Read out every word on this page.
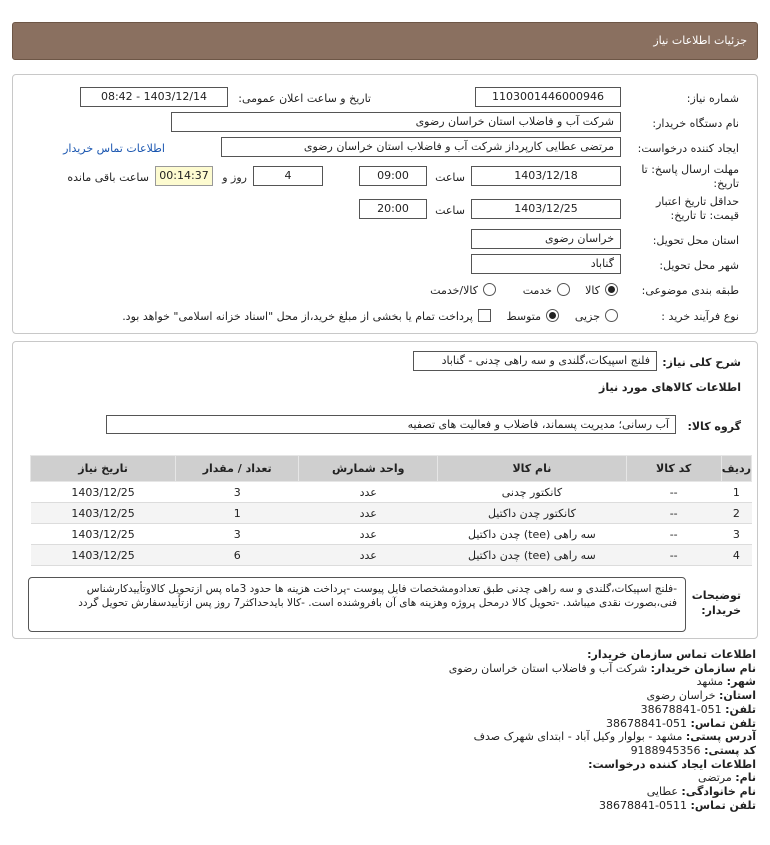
جزئیات اطلاعات نیاز
شماره نیاز:
1103001446000946
تاریخ و ساعت اعلان عمومی:
1403/12/14 - 08:42
نام دستگاه خریدار:
شرکت آب و فاضلاب استان خراسان رضوی
ایجاد کننده درخواست:
مرتضی عطایی کارپرداز شرکت آب و فاضلاب استان خراسان رضوی
اطلاعات تماس خریدار
مهلت ارسال پاسخ: تا
تاریخ:
1403/12/18
ساعت
09:00
4
روز و
00:14:37
ساعت باقی مانده
حداقل تاریخ اعتبار
قیمت: تا تاریخ:
1403/12/25
ساعت
20:00
استان محل تحویل:
خراسان رضوی
شهر محل تحویل:
گناباد
طبقه بندی موضوعی:
کالا
خدمت
کالا/خدمت
نوع فرآیند خرید :
جزیی
متوسط
پرداخت تمام یا بخشی از مبلغ خرید،از محل "اسناد خزانه اسلامی" خواهد بود.
شرح کلی نیاز:
فلنج اسپیکات،گلندی و سه راهی چدنی - گناباد
اطلاعات کالاهای مورد نیاز
گروه کالا:
آب رسانی؛ مدیریت پسماند، فاضلاب و فعالیت های تصفیه
ردیف	کد کالا	نام کالا	واحد شمارش	تعداد / مقدار	تاریخ نیاز
1	--	کانکتور چدنی	عدد	3	1403/12/25
2	--	کانکتور چدن داکتیل	عدد	1	1403/12/25
3	--	سه راهی (tee) چدن داکتیل	عدد	3	1403/12/25
4	--	سه راهی (tee) چدن داکتیل	عدد	6	1403/12/25
توضیحات
خریدار:
-فلنج اسپیکات،گلندی و سه راهی چدنی طبق تعدادومشخصات فایل پیوست -پرداخت هزینه ها حدود 3ماه پس ازتحویل کالاوتأییدکارشناس فنی،بصورت نقدی میباشد. -تحویل کالا درمحل پروژه وهزینه های آن بافروشنده است. -کالا بایدحداکثر7 روز پس ازتأییدسفارش تحویل گردد
اطلاعات تماس سازمان خریدار:
نام سازمان خریدار: شرکت آب و فاضلاب استان خراسان رضوی
شهر: مشهد
استان: خراسان رضوی
تلفن: 051-38678841
تلفن تماس: 051-38678841
آدرس پستی: مشهد - بولوار وکیل آباد - ابتدای شهرک صدف
کد پستی: 9188945356
اطلاعات ایجاد کننده درخواست:
نام: مرتضی
نام خانوادگی: عطایی
تلفن تماس: 0511-38678841
